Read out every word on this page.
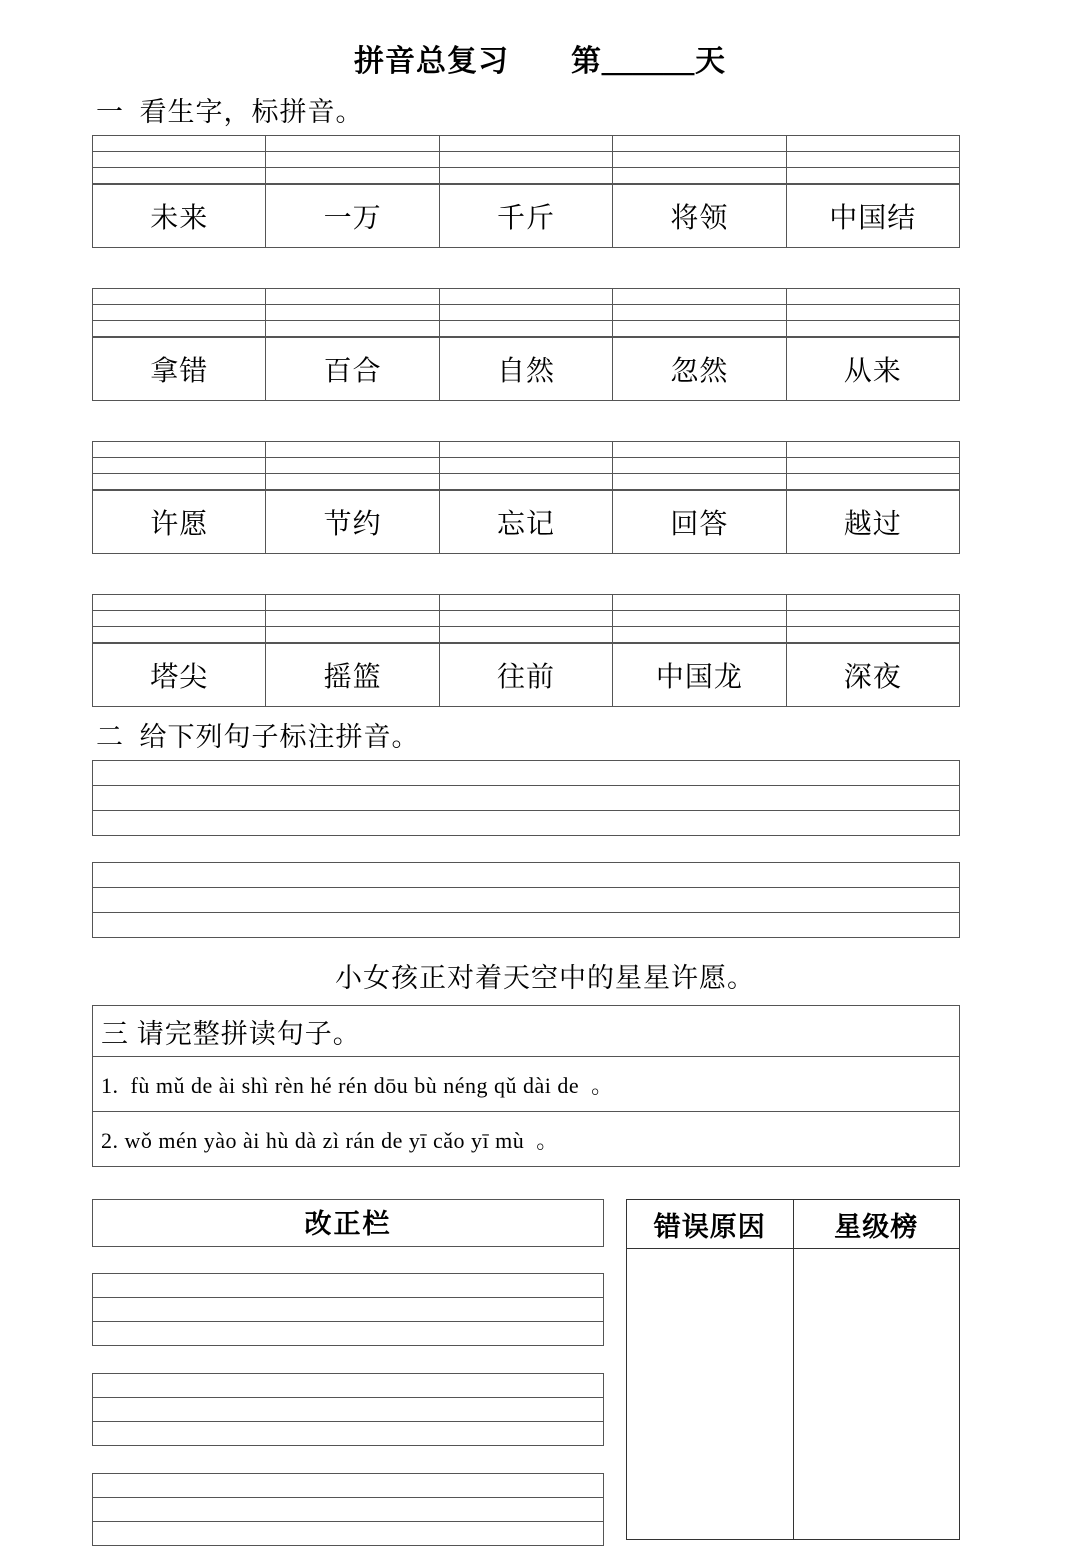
拼音总复习　　第＿＿＿天
一  看生字，标拼音。

未来	一万	千斤	将领	中国结

拿错	百合	自然	忽然	从来

许愿	节约	忘记	回答	越过

塔尖	摇篮	往前	中国龙	深夜
二  给下列句子标注拼音。

小女孩正对着天空中的星星许愿。
三 请完整拼读句子。
1.  fù mǔ de ài shì rèn hé rén dōu bù néng qǔ dài de  。
2. wǒ mén yào ài hù dà zì rán de yī cǎo yī mù  。
改正栏	错误原因	星级榜
